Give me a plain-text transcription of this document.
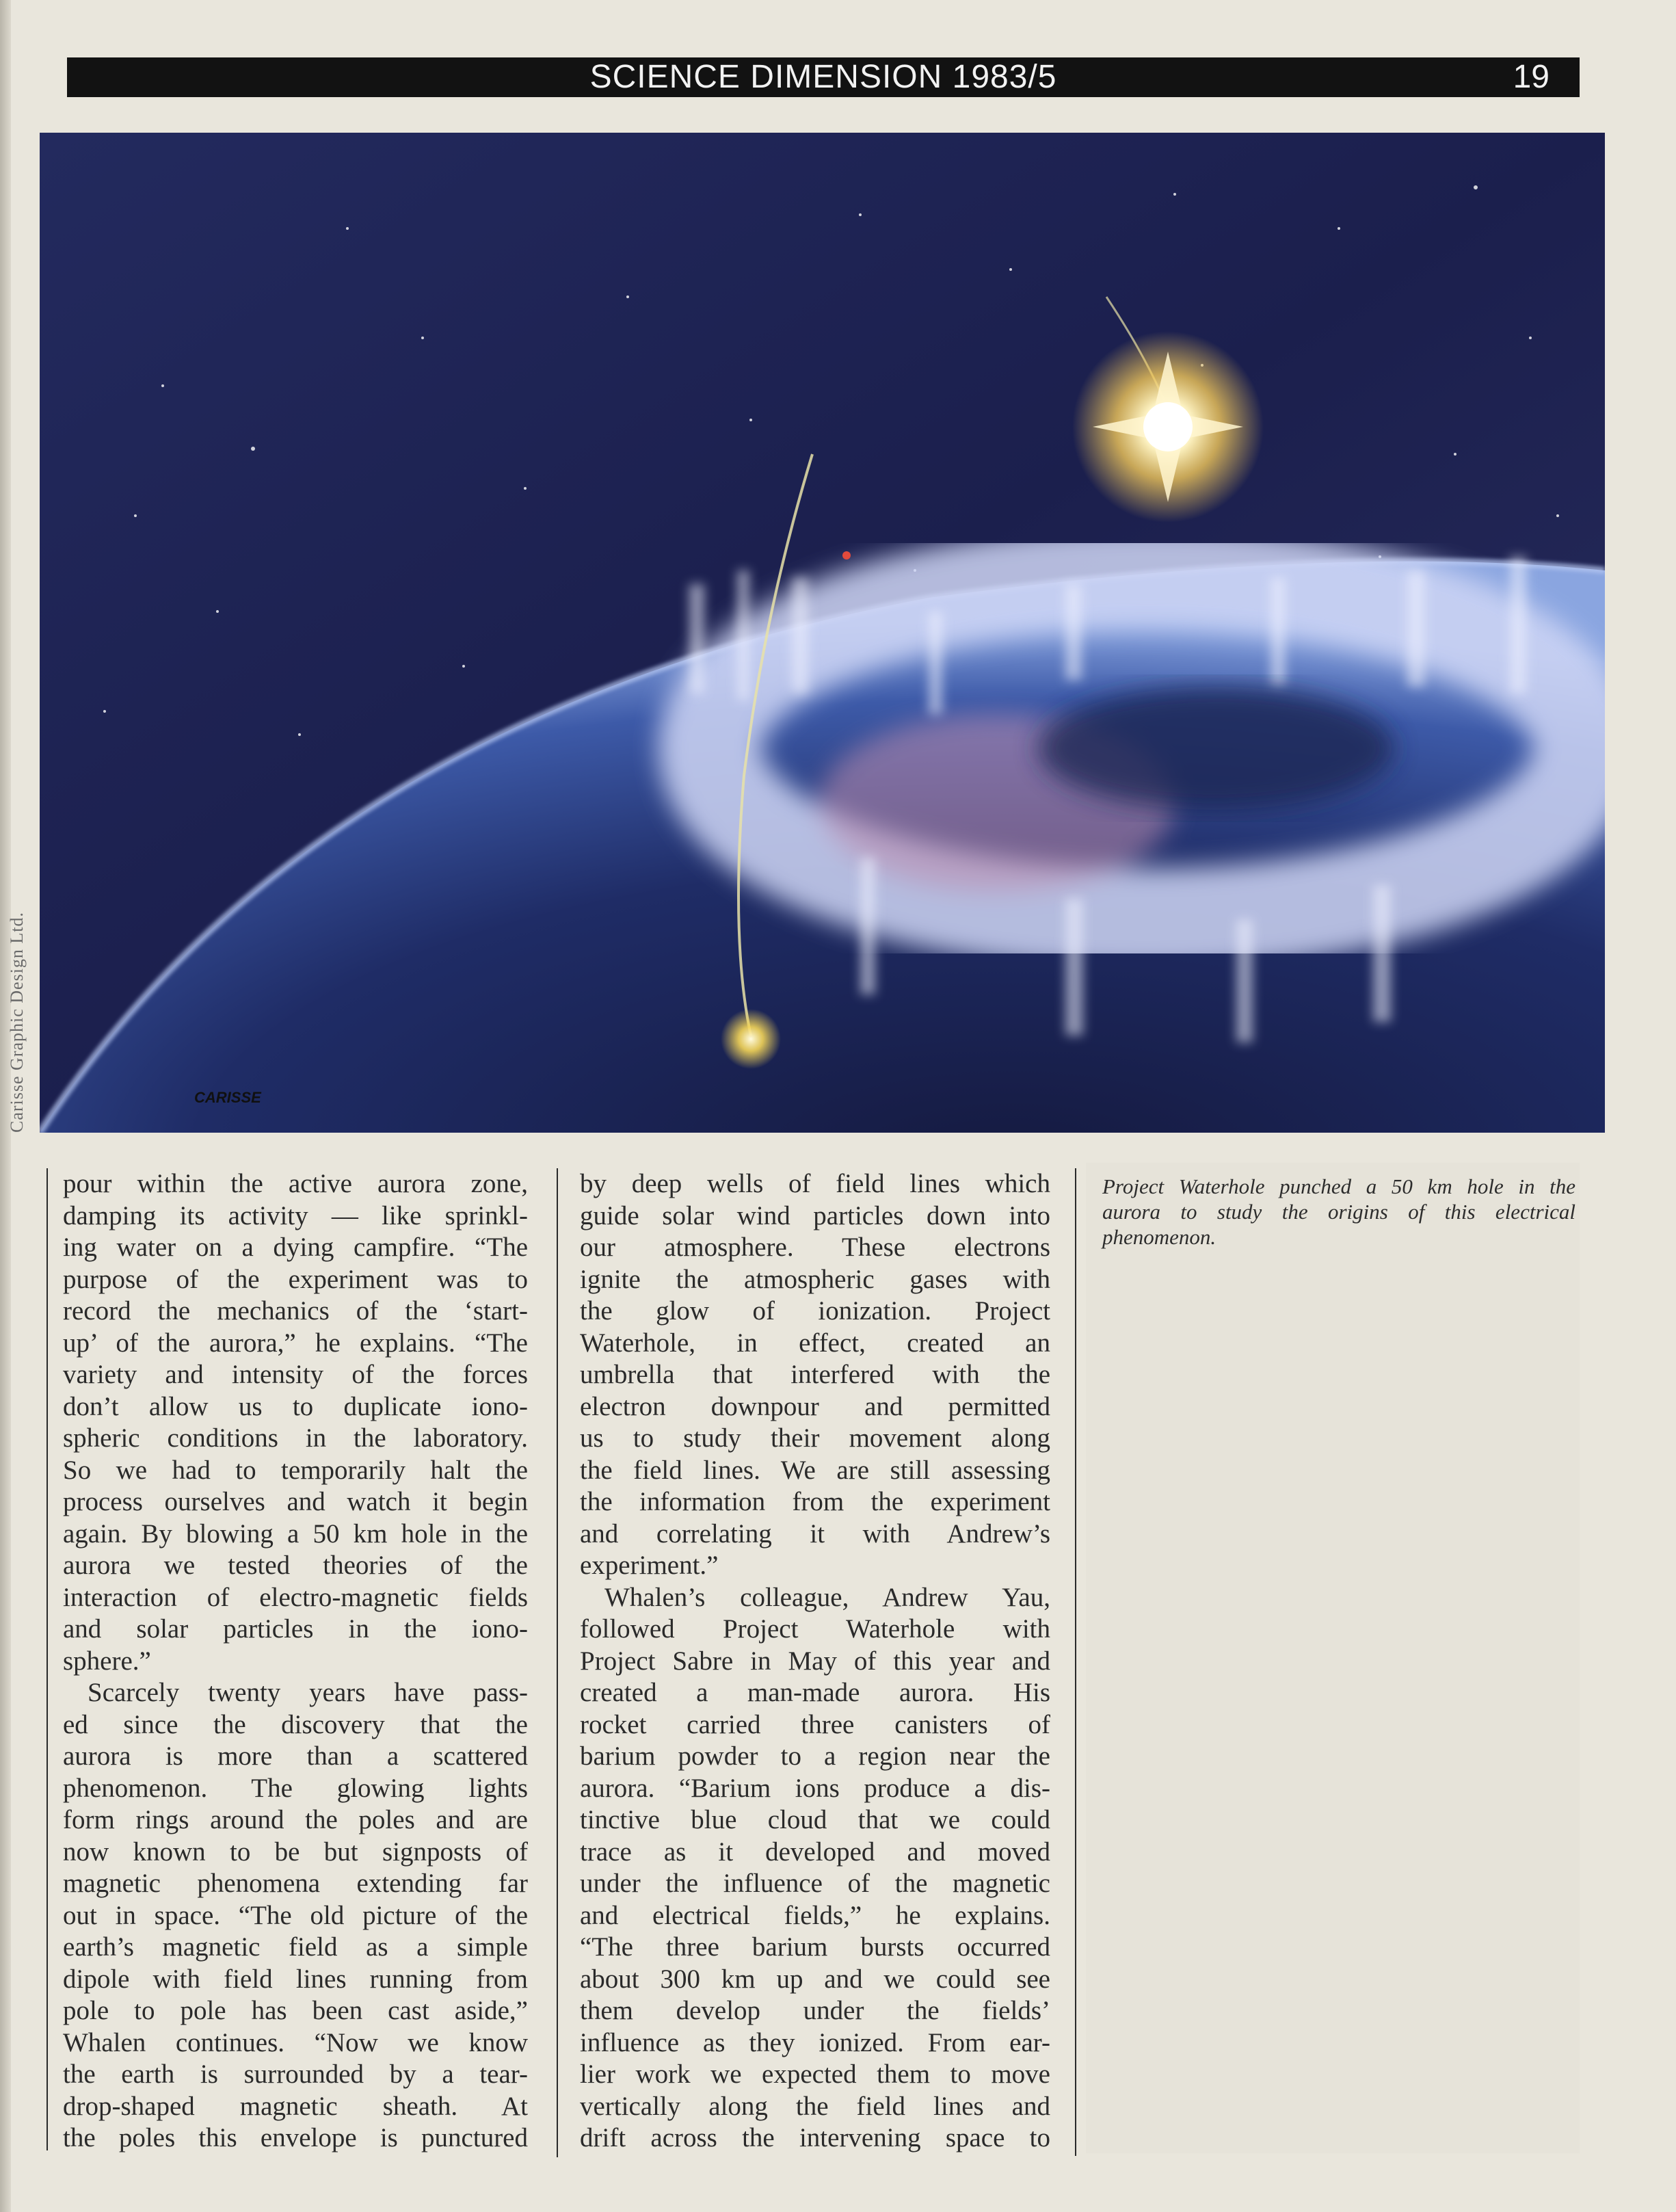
SCIENCE DIMENSION 1983/5	19
CARISSE
Carisse Graphic Design Ltd.
pour within the active aurora zone,
damping its activity — like sprinkl-
ing water on a dying campfire. “The
purpose of the experiment was to
record the mechanics of the ‘start-
up’ of the aurora,” he explains. “The
variety and intensity of the forces
don’t allow us to duplicate iono-
spheric conditions in the laboratory.
So we had to temporarily halt the
process ourselves and watch it begin
again. By blowing a 50 km hole in the
aurora we tested theories of the
interaction of electro-magnetic fields
and solar particles in the iono-
sphere.”
Scarcely twenty years have pass-
ed since the discovery that the
aurora is more than a scattered
phenomenon. The glowing lights
form rings around the poles and are
now known to be but signposts of
magnetic phenomena extending far
out in space. “The old picture of the
earth’s magnetic field as a simple
dipole with field lines running from
pole to pole has been cast aside,”
Whalen continues. “Now we know
the earth is surrounded by a tear-
drop-shaped magnetic sheath. At
the poles this envelope is punctured
by deep wells of field lines which
guide solar wind particles down into
our atmosphere. These electrons
ignite the atmospheric gases with
the glow of ionization. Project
Waterhole, in effect, created an
umbrella that interfered with the
electron downpour and permitted
us to study their movement along
the field lines. We are still assessing
the information from the experiment
and correlating it with Andrew’s
experiment.”
Whalen’s colleague, Andrew Yau,
followed Project Waterhole with
Project Sabre in May of this year and
created a man-made aurora. His
rocket carried three canisters of
barium powder to a region near the
aurora. “Barium ions produce a dis-
tinctive blue cloud that we could
trace as it developed and moved
under the influence of the magnetic
and electrical fields,” he explains.
“The three barium bursts occurred
about 300 km up and we could see
them develop under the fields’
influence as they ionized. From ear-
lier work we expected them to move
vertically along the field lines and
drift across the intervening space to
Project Waterhole punched a 50 km hole in the
aurora to study the origins of this electrical
phenomenon.
